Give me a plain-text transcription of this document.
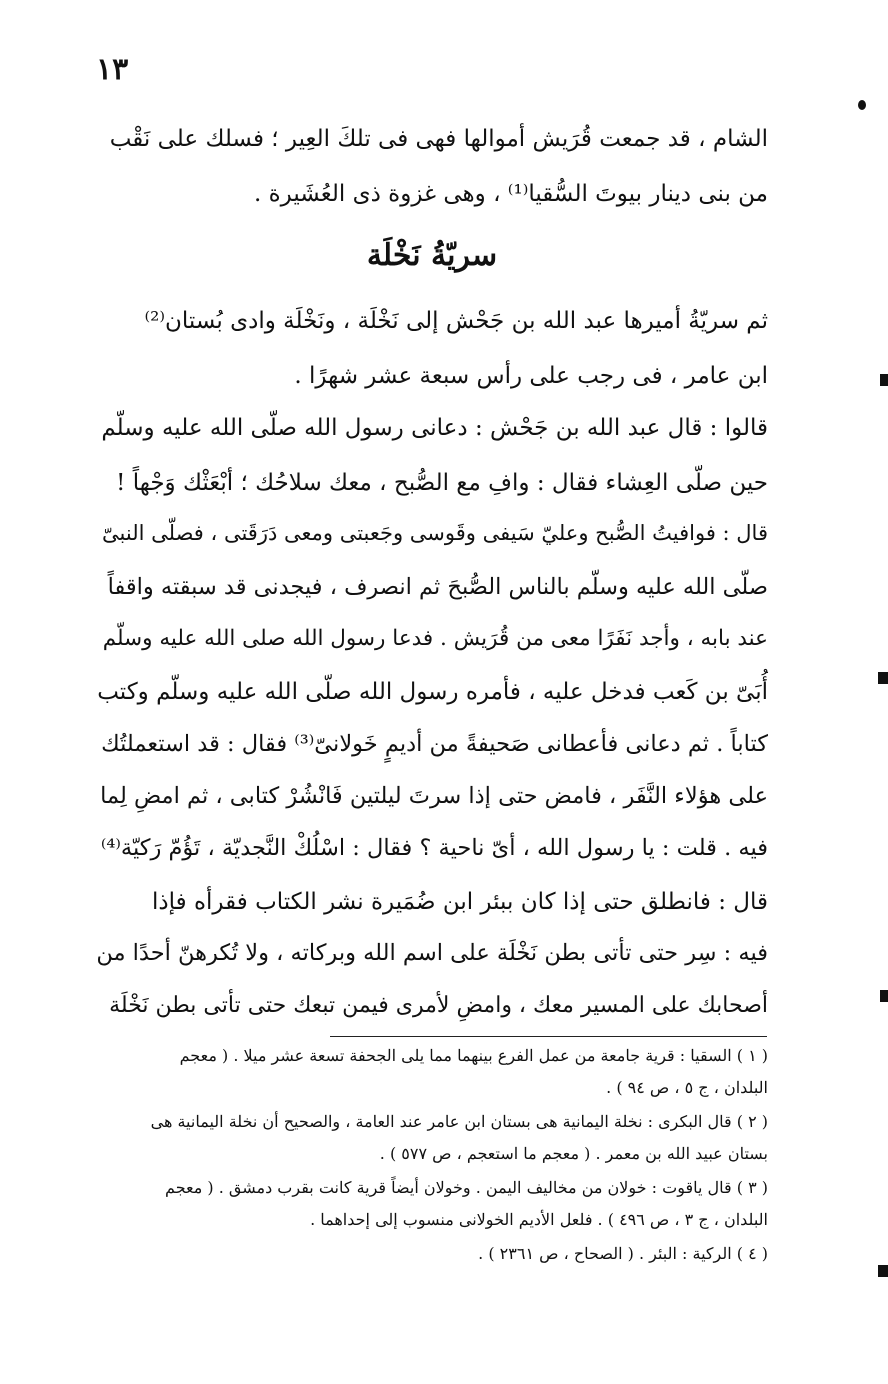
١٣
الشام ، قد جمعت قُرَيش أموالها فهى فى تلكَ العِير ؛ فسلك على نَقْب
من بنى دينار بيوتَ السُّقيا⁽¹⁾ ، وهى غزوة ذى العُشَيرة .
سريّةُ نَخْلَة
ثم سريّةُ أميرها عبد الله بن جَحْش إلى نَخْلَة ، ونَخْلَة وادى بُستان⁽²⁾
ابن عامر ، فى رجب على رأس سبعة عشر شهرًا .
قالوا : قال عبد الله بن جَحْش : دعانى رسول الله صلّى الله عليه وسلّم
حين صلّى العِشاء فقال : وافِ مع الصُّبح ، معك سلاحُك ؛ أبْعَثْك وَجْهاً !
قال : فوافيتُ الصُّبح وعليّ سَيفى وقَوسى وجَعبتى ومعى دَرَقَتى ، فصلّى النبىّ
صلّى الله عليه وسلّم بالناس الصُّبحَ ثم انصرف ، فيجدنى قد سبقته واقفاً
عند بابه ، وأجد نَفَرًا معى من قُرَيش . فدعا رسول الله صلى الله عليه وسلّم
أُبَىّ بن كَعب فدخل عليه ، فأمره رسول الله صلّى الله عليه وسلّم وكتب
كتاباً . ثم دعانى فأعطانى صَحيفةً من أديمٍ خَولانىّ⁽³⁾ فقال : قد استعملتُك
على هؤلاء النَّفَر ، فامض حتى إذا سرتَ ليلتين فَانْشُرْ كتابى ، ثم امضِ لِما
فيه . قلت : يا رسول الله ، أىّ ناحية ؟ فقال : اسْلُكْ النَّجديّة ، تَؤُمّ رَكيّة⁽⁴⁾
قال : فانطلق حتى إذا كان ببئر ابن ضُمَيرة نشر الكتاب فقرأه فإذا
فيه : سِر حتى تأتى بطن نَخْلَة على اسم الله وبركاته ، ولا تُكرهنّ أحدًا من
أصحابك على المسير معك ، وامضِ لأمرى فيمن تبعك حتى تأتى بطن نَخْلَة
( ١ ) السقيا : قرية جامعة من عمل الفرع بينهما مما يلى الجحفة تسعة عشر ميلا . ( معجم
البلدان ، ج ٥ ، ص ٩٤ ) .
( ٢ ) قال البكرى : نخلة اليمانية هى بستان ابن عامر عند العامة ، والصحيح أن نخلة اليمانية هى
بستان عبيد الله بن معمر . ( معجم ما استعجم ، ص ٥٧٧ ) .
( ٣ ) قال ياقوت : خولان من مخاليف اليمن . وخولان أيضاً قرية كانت بقرب دمشق . ( معجم
البلدان ، ج ٣ ، ص ٤٩٦ ) . فلعل الأديم الخولانى منسوب إلى إحداهما .
( ٤ ) الركية : البئر . ( الصحاح ، ص ٢٣٦١ ) .
